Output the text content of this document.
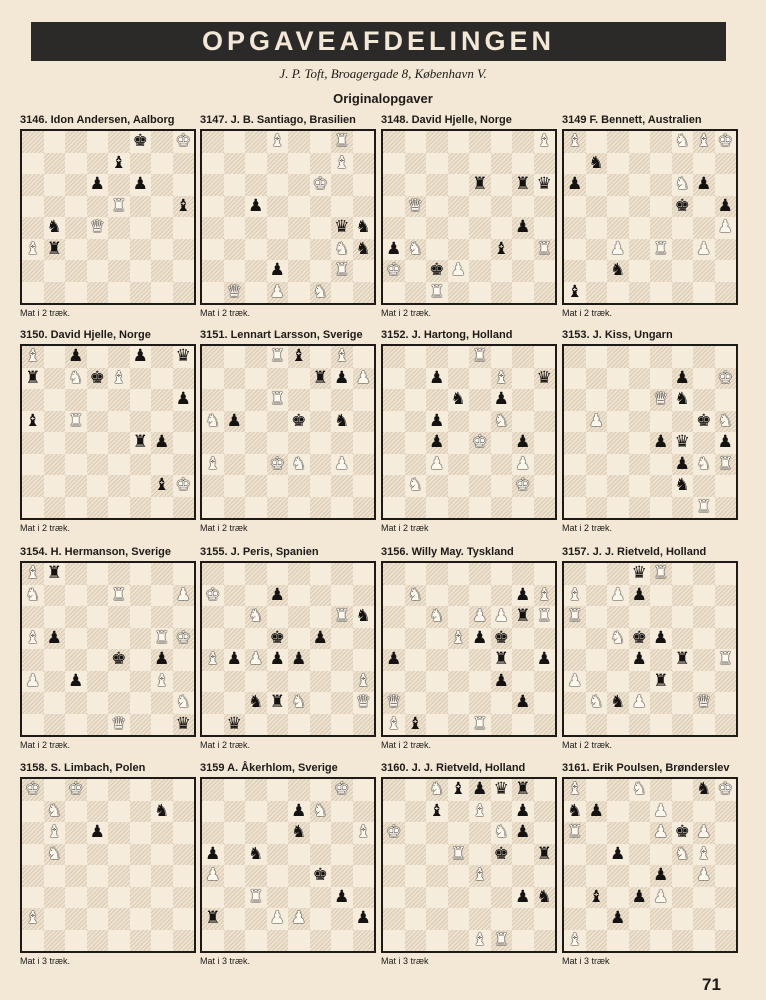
OPGAVEAFDELINGEN
J. P. Toft, Broagergade 8, København V.
Originalopgaver
3146. Idon Andersen, Aalborg
♚ ♚
♝
♟ ♟
♜	♝
♞ ♛
♝ ♜
Mat i 2 træk.
3147. J. B. Santiago, Brasilien
♝	♜
♝
♚
♟
♛ ♞
♞ ♞
♟	♜
♛ ♟ ♞
Mat i 2 træk.
3148. David Hjelle, Norge
♝
♜ ♜ ♛
♛
♟
♟ ♞	♝ ♜
♚ ♚ ♟
♜
Mat i 2 træk.
3149 F. Bennett, Australien
♝	♞ ♝ ♚
♞
♟	♞ ♟
♚ ♟
♟
♟ ♜ ♟
♞
♝
Mat i 2 træk.
3150. David Hjelle, Norge
♝ ♟	♟ ♛
♜ ♞ ♚ ♝
♟
♝ ♜
♜ ♟
♝ ♚
Mat i 2 træk.
3151. Lennart Larsson, Sverige
♜ ♝ ♝
♜ ♟ ♟
♜
♞ ♟	♚ ♞
♝	♚ ♞ ♟
Mat i 2 træk
3152. J. Hartong, Holland
♜
♟	♝ ♛
♞ ♟
♟	♞
♟ ♚ ♟
♟	♟
♞	♚
Mat i 2 træk
3153. J. Kiss, Ungarn
♟ ♚
♛ ♞
♟	♚ ♞
♟ ♛ ♟
♟ ♞ ♜
♞
♜
Mat i 2 træk.
3154. H. Hermanson, Sverige
♝ ♜
♞	♜	♟
♝ ♟	♜ ♚
♚ ♟
♟ ♟	♝
♞
♛	♛
Mat i 2 træk.
3155. J. Peris, Spanien
♚	♟
♞	♜ ♞
♚ ♟
♝ ♟ ♟ ♟ ♟
♝
♞ ♜ ♞	♛
♛
Mat i 2 træk.
3156. Willy May. Tyskland
♞	♟ ♝
♞ ♟ ♟ ♜ ♜
♝ ♟ ♚
♟	♜ ♟
♟
♛	♟
♝ ♝	♜
Mat i 2 træk.
3157. J. J. Rietveld, Holland
♛ ♜
♝ ♟ ♟
♜
♞ ♚ ♟
♟ ♜ ♜
♟	♜
♞ ♞ ♟	♛
Mat i 2 træk.
3158. S. Limbach, Polen
♚ ♚
♞	♞
♝ ♟
♞
♝
Mat i 3 træk.
3159 A. Åkerhlom, Sverige
♚
♟ ♞
♞	♝
♟ ♞
♟	♚
♜	♟
♜	♟ ♟	♟
Mat i 3 træk.
3160. J. J. Rietveld, Holland
♞ ♝ ♟ ♛ ♜
♝ ♝ ♟
♚	♞ ♟
♜ ♚ ♜
♝
♟ ♞
♝ ♜
Mat i 3 træk
3161. Erik Poulsen, Brønderslev
♝	♞	♞ ♚
♞ ♟	♟
♜	♟ ♚ ♟
♟	♞ ♝
♟ ♟
♝ ♟ ♟
♟
♝
Mat i 3 træk
71
